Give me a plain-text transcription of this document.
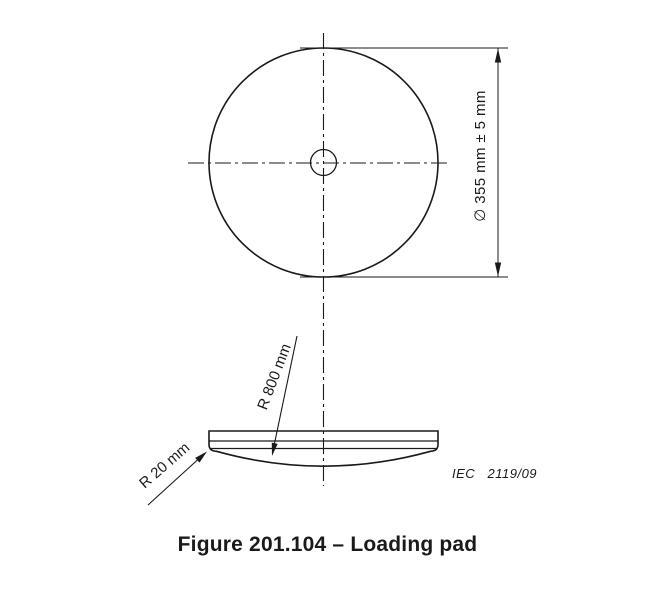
∅ 355 mm ± 5 mm
R 800 mm
R 20 mm	IEC   2119/09
Figure 201.104 – Loading pad
